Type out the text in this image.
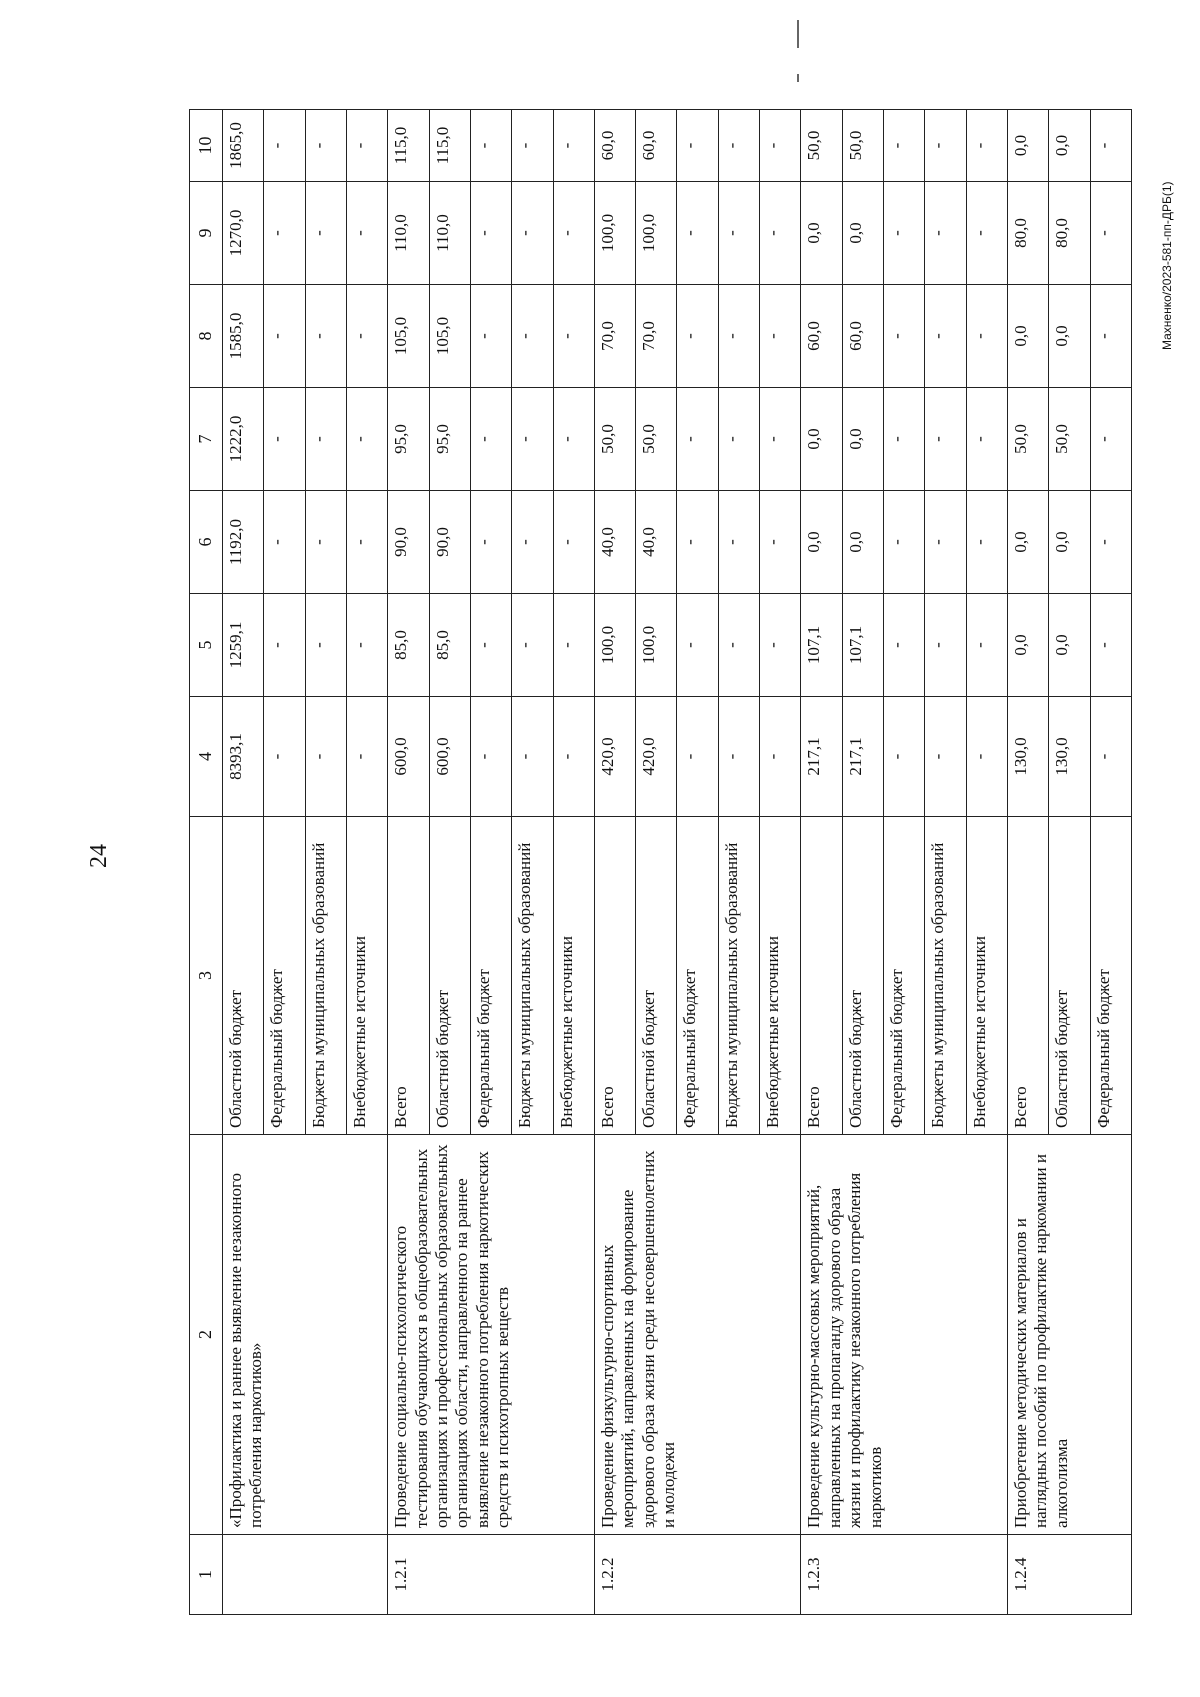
24
Махненко/2023-581-пп-ДРБ(1)
1	2	3	4	5	6	7	8	9	10
	«Профилактика и раннее выявление незаконного потребления наркотиков»	Областной бюджет	8393,1	1259,1	1192,0	1222,0	1585,0	1270,0	1865,0
		Федеральный бюджет	-	-	-	-	-	-	-
		Бюджеты муниципальных образований	-	-	-	-	-	-	-
		Внебюджетные источники	-	-	-	-	-	-	-
1.2.1	Проведение социально-психологического тестирования обучающихся в общеобразовательных организациях и профессиональных образовательных организациях области, направленного на раннее выявление незаконного потребления наркотических средств и психотропных веществ	Всего	600,0	85,0	90,0	95,0	105,0	110,0	115,0
		Областной бюджет	600,0	85,0	90,0	95,0	105,0	110,0	115,0
		Федеральный бюджет	-	-	-	-	-	-	-
		Бюджеты муниципальных образований	-	-	-	-	-	-	-
		Внебюджетные источники	-	-	-	-	-	-	-
1.2.2	Проведение физкультурно-спортивных мероприятий, направленных на формирование здорового образа жизни среди несовершеннолетних и молодежи	Всего	420,0	100,0	40,0	50,0	70,0	100,0	60,0
		Областной бюджет	420,0	100,0	40,0	50,0	70,0	100,0	60,0
		Федеральный бюджет	-	-	-	-	-	-	-
		Бюджеты муниципальных образований	-	-	-	-	-	-	-
		Внебюджетные источники	-	-	-	-	-	-	-
1.2.3	Проведение культурно-массовых мероприятий, направленных на пропаганду здорового образа жизни и профилактику незаконного потребления наркотиков	Всего	217,1	107,1	0,0	0,0	60,0	0,0	50,0
		Областной бюджет	217,1	107,1	0,0	0,0	60,0	0,0	50,0
		Федеральный бюджет	-	-	-	-	-	-	-
		Бюджеты муниципальных образований	-	-	-	-	-	-	-
		Внебюджетные источники	-	-	-	-	-	-	-
1.2.4	Приобретение методических материалов и наглядных пособий по профилактике наркомании и алкоголизма	Всего	130,0	0,0	0,0	50,0	0,0	80,0	0,0
		Областной бюджет	130,0	0,0	0,0	50,0	0,0	80,0	0,0
		Федеральный бюджет	-	-	-	-	-	-	-
